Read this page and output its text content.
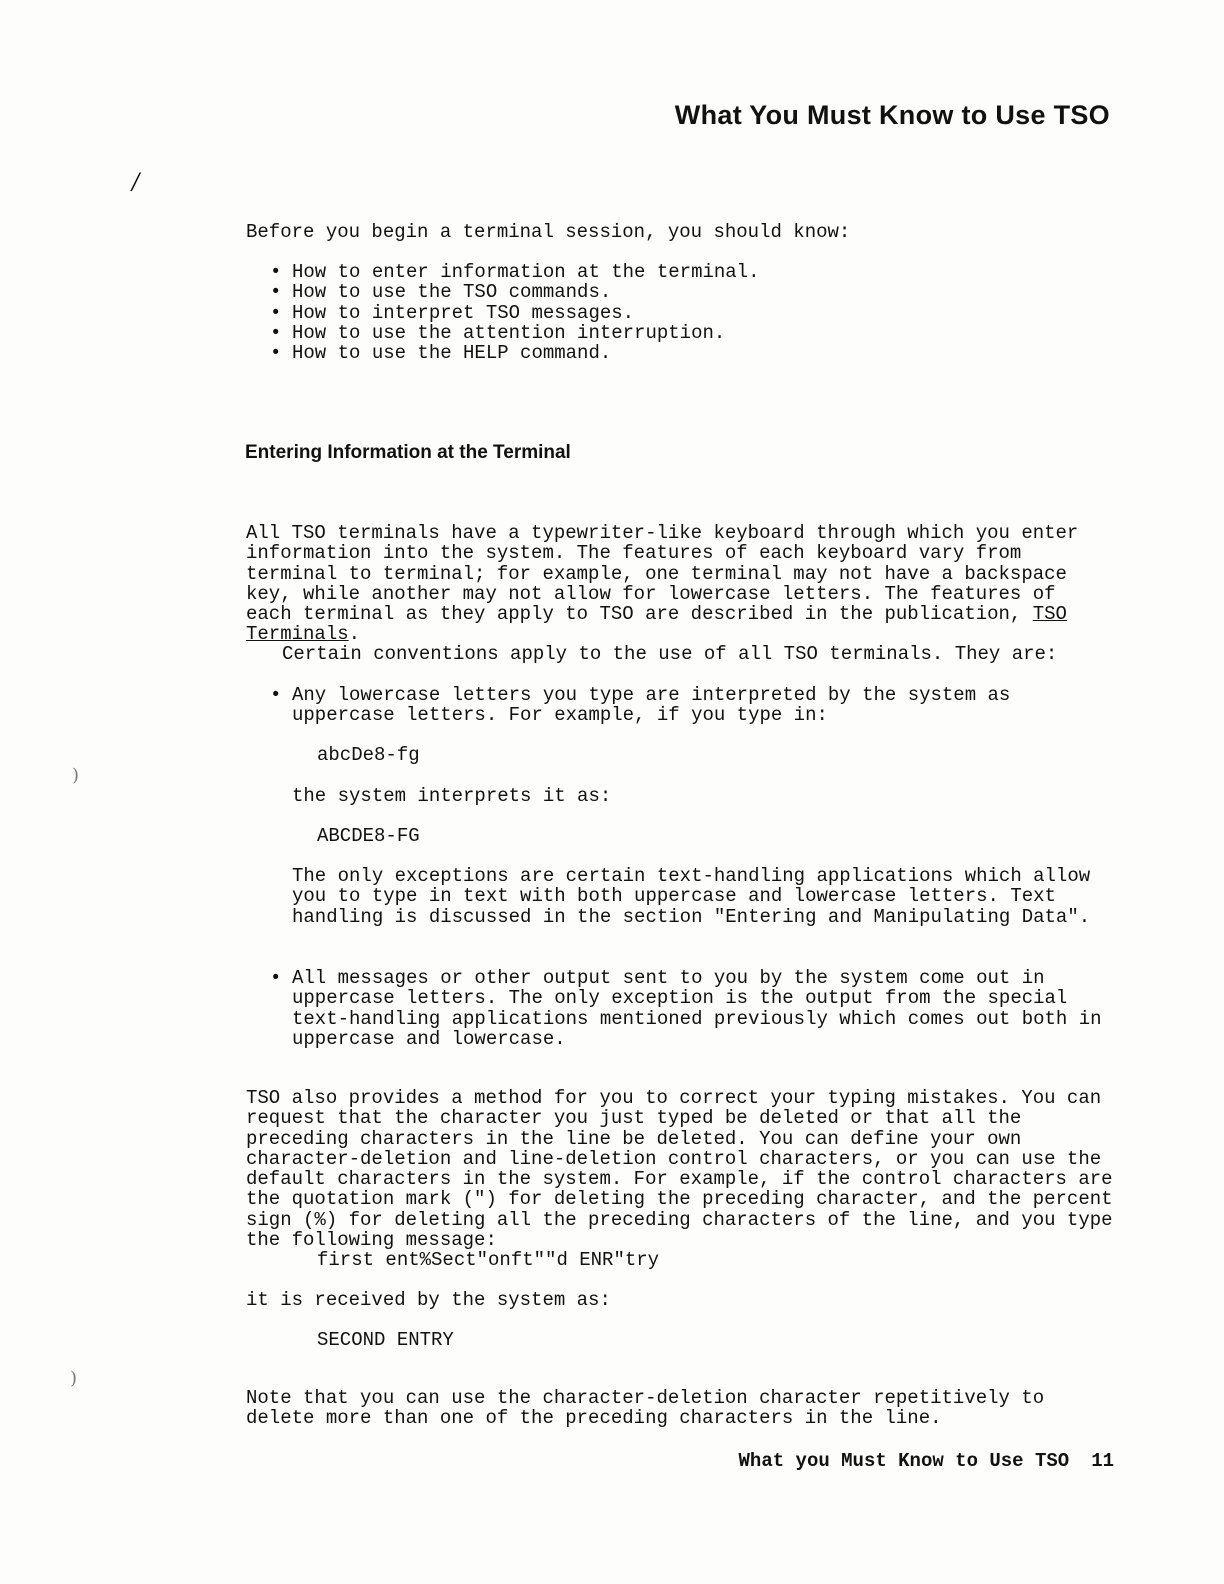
What You Must Know to Use TSO
/
)
)

Before you begin a terminal session, you should know:

• How to enter information at the terminal.
• How to use the TSO commands.
• How to interpret TSO messages.
• How to use the attention interruption.
• How to use the HELP command.
Entering Information at the Terminal

All TSO terminals have a typewriter-like keyboard through which you enter information into the system. The features of each keyboard vary from terminal to terminal; for example, one terminal may not have a backspace key, while another may not allow for lowercase letters. The features of each terminal as they apply to TSO are described in the publication, TSO Terminals.

Certain conventions apply to the use of all TSO terminals. They are:

• Any lowercase letters you type are interpreted by the system as uppercase letters. For example, if you type in:
abcDe8-fg
the system interprets it as:
ABCDE8-FG
The only exceptions are certain text-handling applications which allow you to type in text with both uppercase and lowercase letters. Text handling is discussed in the section "Entering and Manipulating Data".
• All messages or other output sent to you by the system come out in uppercase letters. The only exception is the output from the special text-handling applications mentioned previously which comes out both in uppercase and lowercase.

TSO also provides a method for you to correct your typing mistakes. You can request that the character you just typed be deleted or that all the preceding characters in the line be deleted. You can define your own character-deletion and line-deletion control characters, or you can use the default characters in the system. For example, if the control characters are the quotation mark (") for deleting the preceding character, and the percent sign (%) for deleting all the preceding characters of the line, and you type the following message:

first ent%Sect"onft""d ENR"try
it is received by the system as:
SECOND ENTRY

Note that you can use the character-deletion character repetitively to delete more than one of the preceding characters in the line.

What you Must Know to Use TSO 11
